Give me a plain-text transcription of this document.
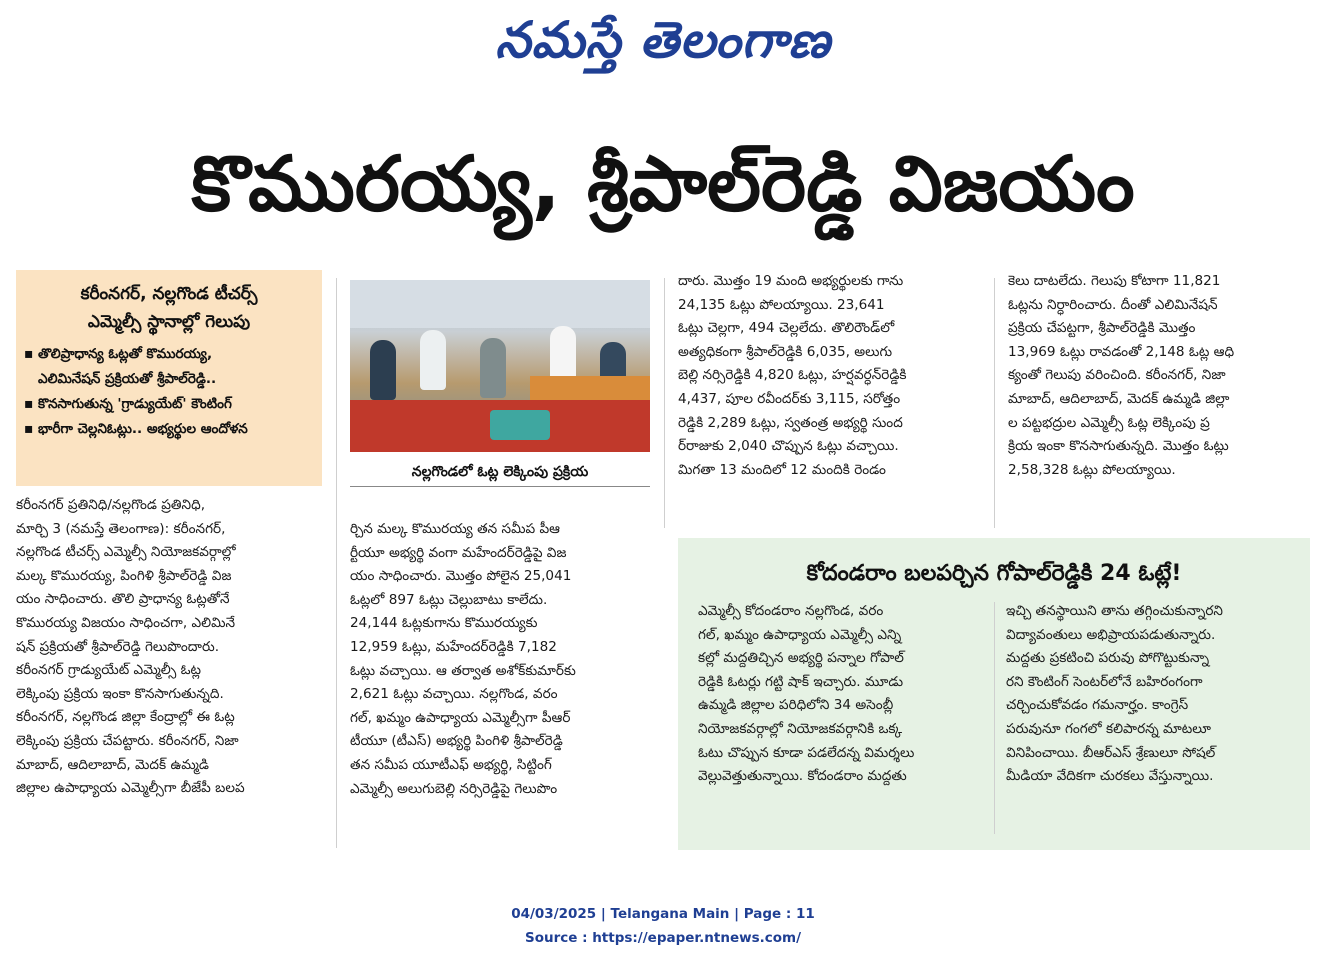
నమస్తే తెలంగాణ
కొమురయ్య, శ్రీపాల్‌రెడ్డి విజయం
కరీంనగర్, నల్లగొండ టీచర్స్
ఎమ్మెల్సీ స్థానాల్లో గెలుపు
▪ తొలిప్రాధాన్య ఓట్లతో కొమురయ్య,
ఎలిమినేషన్ ప్రక్రియతో శ్రీపాల్‌రెడ్డి..
▪ కొనసాగుతున్న 'గ్రాడ్యుయేట్' కౌంటింగ్
▪ భారీగా చెల్లనిఓట్లు.. అభ్యర్థుల ఆందోళన
కరీంనగర్ ప్రతినిధి/నల్లగొండ ప్రతినిధి,
మార్చి 3 (నమస్తే తెలంగాణ): కరీంనగర్,
నల్లగొండ టీచర్స్ ఎమ్మెల్సీ నియోజకవర్గాల్లో
మల్క కొమురయ్య, పింగిళి శ్రీపాల్‌రెడ్డి విజ
యం సాధించారు. తొలి ప్రాధాన్య ఓట్లతోనే
కొమురయ్య విజయం సాధించగా, ఎలిమినే
షన్ ప్రక్రియతో శ్రీపాల్‌రెడ్డి గెలుపొందారు.
కరీంనగర్ గ్రాడ్యుయేట్ ఎమ్మెల్సీ ఓట్ల
లెక్కింపు ప్రక్రియ ఇంకా కొనసాగుతున్నది.
కరీంనగర్, నల్లగొండ జిల్లా కేంద్రాల్లో ఈ ఓట్ల
లెక్కింపు ప్రక్రియ చేపట్టారు. కరీంనగర్, నిజా
మాబాద్, ఆదిలాబాద్, మెదక్ ఉమ్మడి
జిల్లాల ఉపాధ్యాయ ఎమ్మెల్సీగా బీజేపీ బలప
నల్లగొండలో ఓట్ల లెక్కింపు ప్రక్రియ
ర్చిన మల్క కొమురయ్య తన సమీప పీఆ
ర్టీయూ అభ్యర్థి వంగా మహేందర్‌రెడ్డిపై విజ
యం సాధించారు. మొత్తం పోలైన 25,041
ఓట్లలో 897 ఓట్లు చెల్లుబాటు కాలేదు.
24,144 ఓట్లకుగాను కొమురయ్యకు
12,959 ఓట్లు, మహేందర్‌రెడ్డికి 7,182
ఓట్లు వచ్చాయి. ఆ తర్వాత అశోక్‌కుమార్‌కు
2,621 ఓట్లు వచ్చాయి. నల్లగొండ, వరం
గల్, ఖమ్మం ఉపాధ్యాయ ఎమ్మెల్సీగా పీఆర్
టీయూ (టీఎస్) అభ్యర్థి పింగిళి శ్రీపాల్‌రెడ్డి
తన సమీప యూటీఎఫ్ అభ్యర్థి, సిట్టింగ్
ఎమ్మెల్సీ అలుగుబెల్లి నర్సిరెడ్డిపై గెలుపొం
దారు. మొత్తం 19 మంది అభ్యర్థులకు గాను
24,135 ఓట్లు పోలయ్యాయి. 23,641
ఓట్లు చెల్లగా, 494 చెల్లలేదు. తొలిరౌండ్‌లో
అత్యధికంగా శ్రీపాల్‌రెడ్డికి 6,035, అలుగు
బెల్లి నర్సిరెడ్డికి 4,820 ఓట్లు, హర్షవర్ధన్‌రెడ్డికి
4,437, పూల రవీందర్‌కు 3,115, సరోత్తం
రెడ్డికి 2,289 ఓట్లు, స్వతంత్ర అభ్యర్థి సుంద
ర్‌రాజుకు 2,040 చొప్పున ఓట్లు వచ్చాయి.
మిగతా 13 మందిలో 12 మందికి రెండం
కెలు దాటలేదు. గెలుపు కోటాగా 11,821
ఓట్లను నిర్ధారించారు. దీంతో ఎలిమినేషన్
ప్రక్రియ చేపట్టగా, శ్రీపాల్‌రెడ్డికి మొత్తం
13,969 ఓట్లు రావడంతో 2,148 ఓట్ల ఆధి
క్యంతో గెలుపు వరించింది. కరీంనగర్, నిజా
మాబాద్, ఆదిలాబాద్, మెదక్ ఉమ్మడి జిల్లా
ల పట్టభద్రుల ఎమ్మెల్సీ ఓట్ల లెక్కింపు ప్ర
క్రియ ఇంకా కొనసాగుతున్నది. మొత్తం ఓట్లు
2,58,328 ఓట్లు పోలయ్యాయి.
కోదండరాం బలపర్చిన గోపాల్‌రెడ్డికి 24 ఓట్లే!
ఎమ్మెల్సీ కోదండరాం నల్లగొండ, వరం
గల్, ఖమ్మం ఉపాధ్యాయ ఎమ్మెల్సీ ఎన్ని
కల్లో మద్దతిచ్చిన అభ్యర్థి పన్నాల గోపాల్
రెడ్డికి ఓటర్లు గట్టి షాక్ ఇచ్చారు. మూడు
ఉమ్మడి జిల్లాల పరిధిలోని 34 అసెంబ్లీ
నియోజకవర్గాల్లో నియోజకవర్గానికి ఒక్క
ఓటు చొప్పున కూడా పడలేదన్న విమర్శలు
వెల్లువెత్తుతున్నాయి. కోదండరాం మద్దతు
ఇచ్చి తనస్థాయిని తాను తగ్గించుకున్నారని
విద్యావంతులు అభిప్రాయపడుతున్నారు.
మద్దతు ప్రకటించి పరువు పోగొట్టుకున్నా
రని కౌంటింగ్ సెంటర్‌లోనే బహిరంగంగా
చర్చించుకోవడం గమనార్హం. కాంగ్రెస్
పరువునూ గంగలో కలిపారన్న మాటలూ
వినిపించాయి. బీఆర్‌ఎస్ శ్రేణులూ సోషల్
మీడియా వేదికగా చురకలు వేస్తున్నాయి.
04/03/2025 | Telangana Main | Page : 11
Source : https://epaper.ntnews.com/
